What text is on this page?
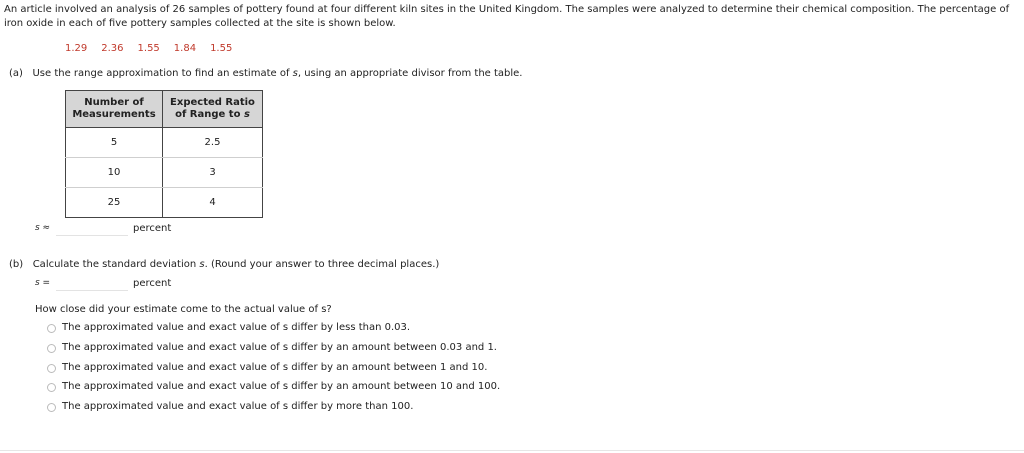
An article involved an analysis of 26 samples of pottery found at four different kiln sites in the United Kingdom. The samples were analyzed to determine their chemical composition. The percentage of iron oxide in each of five pottery samples collected at the site is shown below.
1.29 2.36 1.55 1.84 1.55
(a) Use the range approximation to find an estimate of s, using an appropriate divisor from the table.
Number of
Measurements	Expected Ratio
of Range to s
5	2.5
10	3
25	4
s ≈	percent
(b) Calculate the standard deviation s. (Round your answer to three decimal places.)
s =	percent
How close did your estimate come to the actual value of s?
The approximated value and exact value of s differ by less than 0.03.
The approximated value and exact value of s differ by an amount between 0.03 and 1.
The approximated value and exact value of s differ by an amount between 1 and 10.
The approximated value and exact value of s differ by an amount between 10 and 100.
The approximated value and exact value of s differ by more than 100.
